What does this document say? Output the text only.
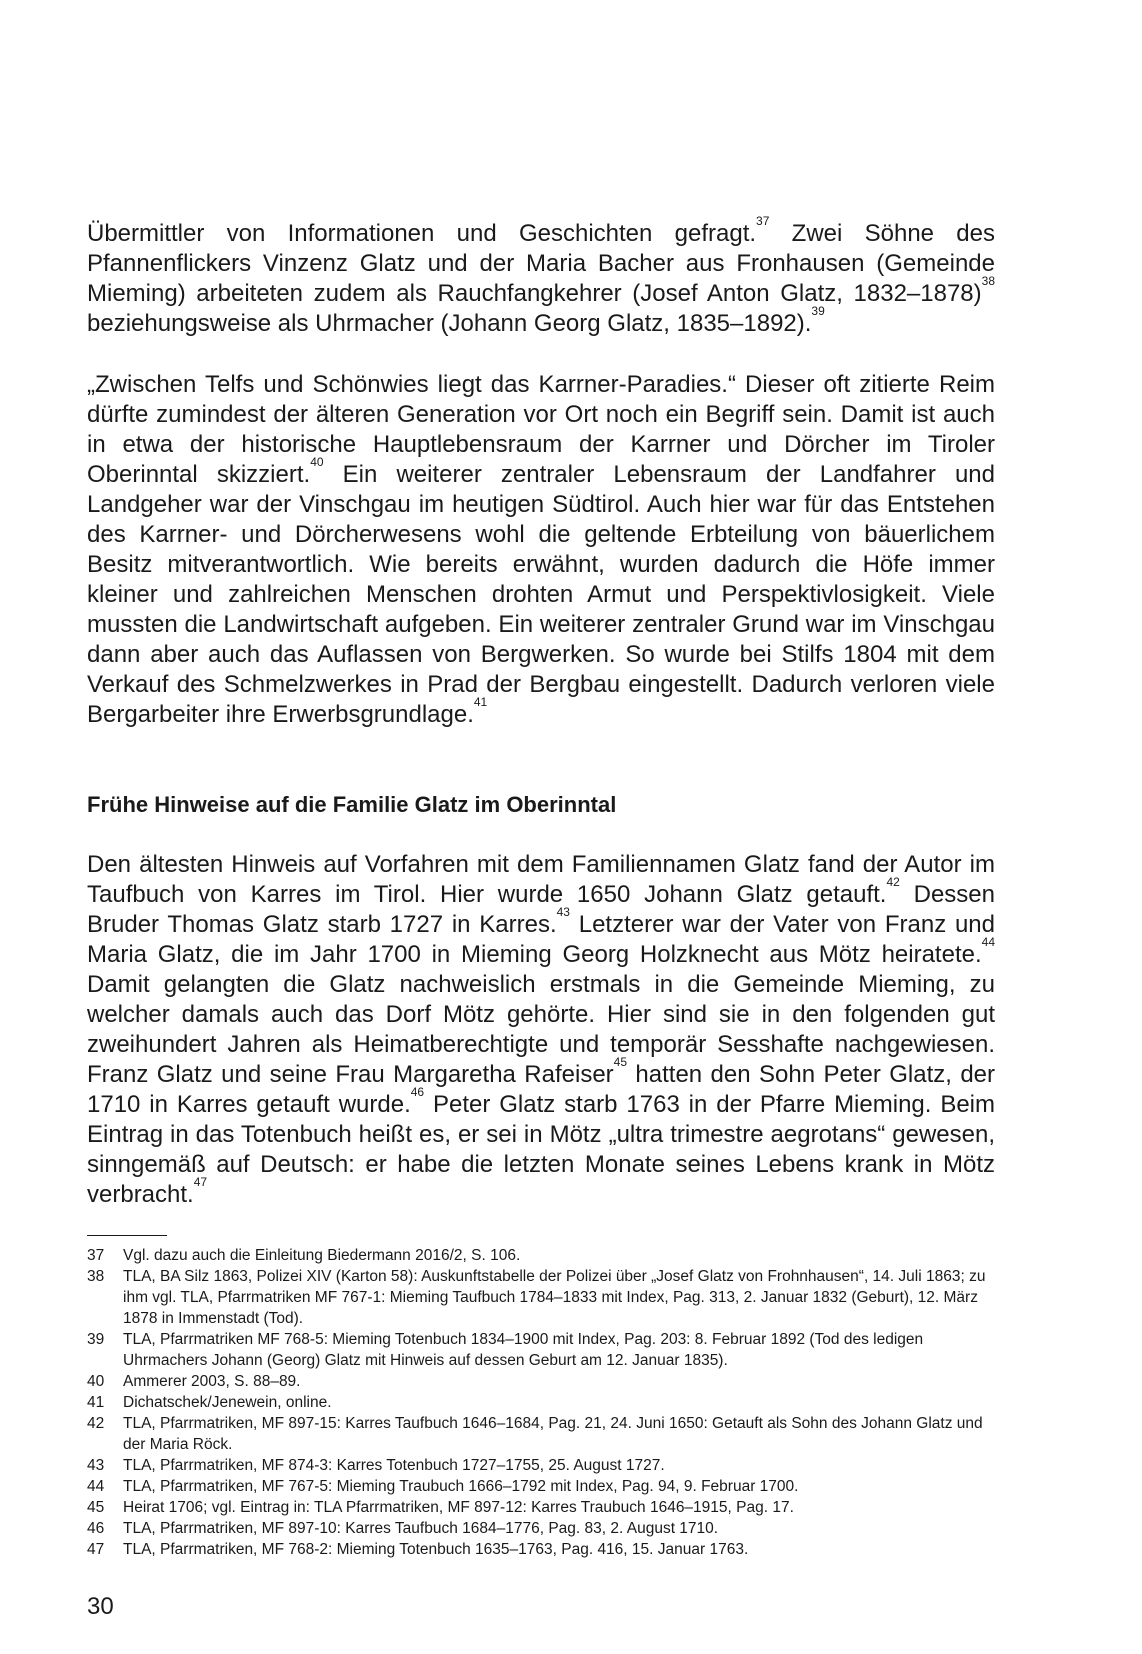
Übermittler von Informationen und Geschichten gefragt.$^{37}$ Zwei Söhne des Pfannenflickers Vinzenz Glatz und der Maria Bacher aus Fronhausen (Gemeinde Mieming) arbeiteten zudem als Rauchfangkehrer (Josef Anton Glatz, 1832–1878)$^{38}$ beziehungsweise als Uhrmacher (Johann Georg Glatz, 1835–1892).$^{39}$

„Zwischen Telfs und Schönwies liegt das Karrner-Paradies.“ Dieser oft zitierte Reim dürfte zumindest der älteren Generation vor Ort noch ein Begriff sein. Damit ist auch in etwa der historische Hauptlebensraum der Karrner und Dörcher im Tiroler Oberinntal skizziert.$^{40}$ Ein weiterer zentraler Lebensraum der Landfahrer und Landgeher war der Vinschgau im heutigen Südtirol. Auch hier war für das Entstehen des Karrner- und Dörcherwesens wohl die geltende Erbteilung von bäuerlichem Besitz mitverantwortlich. Wie bereits erwähnt, wurden dadurch die Höfe immer kleiner und zahlreichen Menschen drohten Armut und Perspektivlosigkeit. Viele mussten die Landwirtschaft aufgeben. Ein weiterer zentraler Grund war im Vinschgau dann aber auch das Auflassen von Bergwerken. So wurde bei Stilfs 1804 mit dem Verkauf des Schmelzwerkes in Prad der Bergbau eingestellt. Dadurch verloren viele Bergarbeiter ihre Erwerbsgrundlage.$^{41}$

Frühe Hinweise auf die Familie Glatz im Oberinntal

Den ältesten Hinweis auf Vorfahren mit dem Familiennamen Glatz fand der Autor im Taufbuch von Karres im Tirol. Hier wurde 1650 Johann Glatz getauft.$^{42}$ Dessen Bruder Thomas Glatz starb 1727 in Karres.$^{43}$ Letzterer war der Vater von Franz und Maria Glatz, die im Jahr 1700 in Mieming Georg Holzknecht aus Mötz heiratete.$^{44}$ Damit gelangten die Glatz nachweislich erstmals in die Gemeinde Mieming, zu welcher damals auch das Dorf Mötz gehörte. Hier sind sie in den folgenden gut zweihundert Jahren als Heimatberechtigte und temporär Sesshafte nachgewiesen. Franz Glatz und seine Frau Margaretha Rafeiser$^{45}$ hatten den Sohn Peter Glatz, der 1710 in Karres getauft wurde.$^{46}$ Peter Glatz starb 1763 in der Pfarre Mieming. Beim Eintrag in das Totenbuch heißt es, er sei in Mötz „ultra trimestre aegrotans“ gewesen, sinngemäß auf Deutsch: er habe die letzten Monate seines Lebens krank in Mötz verbracht.$^{47}$

37	Vgl. dazu auch die Einleitung Biedermann 2016/2, S. 106.
38	TLA, BA Silz 1863, Polizei XIV (Karton 58): Auskunftstabelle der Polizei über „Josef Glatz von Frohnhausen“, 14. Juli 1863; zu ihm vgl. TLA, Pfarrmatriken MF 767-1: Mieming Taufbuch 1784–1833 mit Index, Pag. 313, 2. Januar 1832 (Geburt), 12. März 1878 in Immenstadt (Tod).
39	TLA, Pfarrmatriken MF 768-5: Mieming Totenbuch 1834–1900 mit Index, Pag. 203: 8. Februar 1892 (Tod des ledigen Uhrmachers Johann (Georg) Glatz mit Hinweis auf dessen Geburt am 12. Januar 1835).
40	Ammerer 2003, S. 88–89.
41	Dichatschek/Jenewein, online.
42	TLA, Pfarrmatriken, MF 897-15: Karres Taufbuch 1646–1684, Pag. 21, 24. Juni 1650: Getauft als Sohn des Johann Glatz und der Maria Röck.
43	TLA, Pfarrmatriken, MF 874-3: Karres Totenbuch 1727–1755, 25. August 1727.
44	TLA, Pfarrmatriken, MF 767-5: Mieming Traubuch 1666–1792 mit Index, Pag. 94, 9. Februar 1700.
45	Heirat 1706; vgl. Eintrag in: TLA Pfarrmatriken, MF 897-12: Karres Traubuch 1646–1915, Pag. 17.
46	TLA, Pfarrmatriken, MF 897-10: Karres Taufbuch 1684–1776, Pag. 83, 2. August 1710.
47	TLA, Pfarrmatriken, MF 768-2: Mieming Totenbuch 1635–1763, Pag. 416, 15. Januar 1763.
30
